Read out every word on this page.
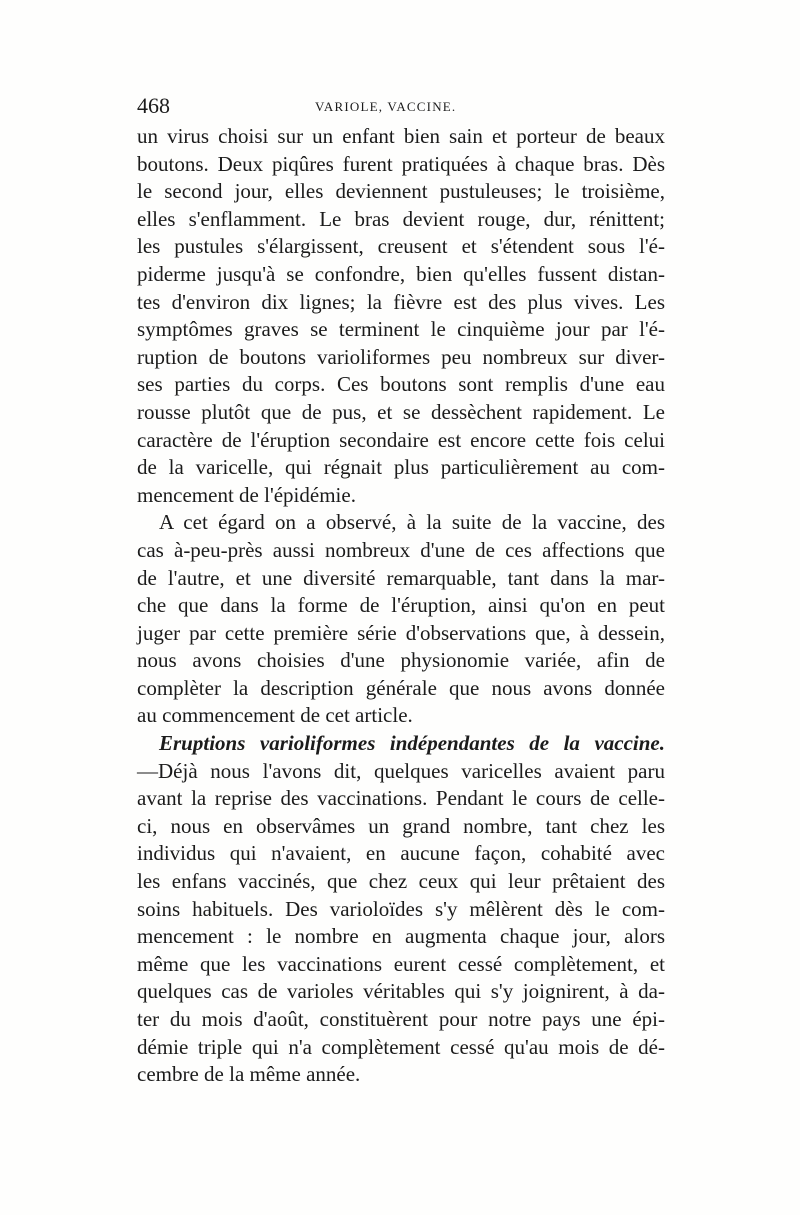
468	VARIOLE, VACCINE.
un virus choisi sur un enfant bien sain et porteur de beaux
boutons. Deux piqûres furent pratiquées à chaque bras. Dès
le second jour, elles deviennent pustuleuses; le troisième,
elles s'enflamment. Le bras devient rouge, dur, rénittent;
les pustules s'élargissent, creusent et s'étendent sous l'é-
piderme jusqu'à se confondre, bien qu'elles fussent distan-
tes d'environ dix lignes; la fièvre est des plus vives. Les
symptômes graves se terminent le cinquième jour par l'é-
ruption de boutons varioliformes peu nombreux sur diver-
ses parties du corps. Ces boutons sont remplis d'une eau
rousse plutôt que de pus, et se dessèchent rapidement. Le
caractère de l'éruption secondaire est encore cette fois celui
de la varicelle, qui régnait plus particulièrement au com-
mencement de l'épidémie.
A cet égard on a observé, à la suite de la vaccine, des
cas à-peu-près aussi nombreux d'une de ces affections que
de l'autre, et une diversité remarquable, tant dans la mar-
che que dans la forme de l'éruption, ainsi qu'on en peut
juger par cette première série d'observations que, à dessein,
nous avons choisies d'une physionomie variée, afin de
complèter la description générale que nous avons donnée
au commencement de cet article.
Eruptions varioliformes indépendantes de la vaccine.
—Déjà nous l'avons dit, quelques varicelles avaient paru
avant la reprise des vaccinations. Pendant le cours de celle-
ci, nous en observâmes un grand nombre, tant chez les
individus qui n'avaient, en aucune façon, cohabité avec
les enfans vaccinés, que chez ceux qui leur prêtaient des
soins habituels. Des varioloïdes s'y mêlèrent dès le com-
mencement : le nombre en augmenta chaque jour, alors
même que les vaccinations eurent cessé complètement, et
quelques cas de varioles véritables qui s'y joignirent, à da-
ter du mois d'août, constituèrent pour notre pays une épi-
démie triple qui n'a complètement cessé qu'au mois de dé-
cembre de la même année.
